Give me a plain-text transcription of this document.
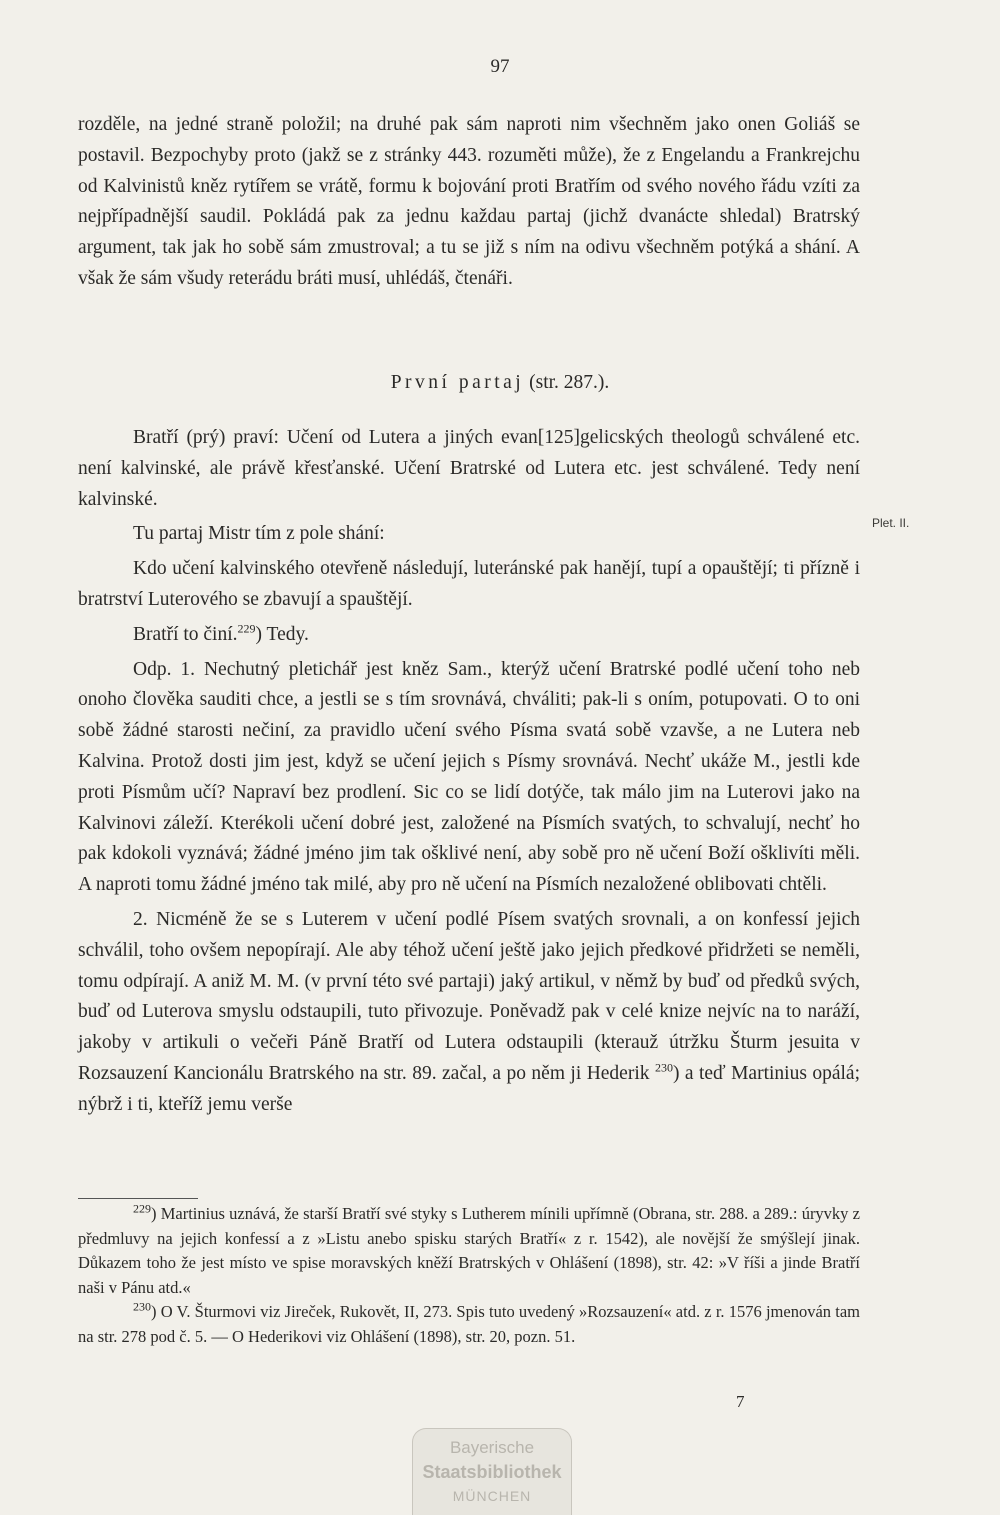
97

rozděle, na jedné straně položil; na druhé pak sám naproti nim všechněm jako onen Goliáš se postavil. Bezpochyby proto (jakž se z stránky 443. rozuměti může), že z Engelandu a Frankrejchu od Kalvinistů kněz rytířem se vrátě, formu k bojování proti Bratřím od svého nového řádu vzíti za nejpřípadnější saudil. Pokládá pak za jednu každau partaj (jichž dvanácte shledal) Bratrský argument, tak jak ho sobě sám zmustroval; a tu se již s ním na odivu všechněm potýká a shání. A však že sám všudy reterádu bráti musí, uhlédáš, čtenáři.

První partaj (str. 287.).

Bratří (prý) praví: Učení od Lutera a jiných evan[125]gelicských theologů schválené etc. není kalvinské, ale právě křesťanské. Učení Bratrské od Lutera etc. jest schválené. Tedy není kalvinské.

Tu partaj Mistr tím z pole shání:

Kdo učení kalvinského otevřeně následují, luteránské pak hanějí, tupí a opauštějí; ti přízně i bratrství Luterového se zbavují a spauštějí.

Bratří to činí.$^{229}$) Tedy.

Odp. 1. Nechutný pletichář jest kněz Sam., kterýž učení Bratrské podlé učení toho neb onoho člověka sauditi chce, a jestli se s tím srovnává, chváliti; pak-li s oním, potupovati. O to oni sobě žádné starosti nečiní, za pravidlo učení svého Písma svatá sobě vzavše, a ne Lutera neb Kalvina. Protož dosti jim jest, když se učení jejich s Písmy srovnává. Nechť ukáže M., jestli kde proti Písmům učí? Napraví bez prodlení. Sic co se lidí dotýče, tak málo jim na Luterovi jako na Kalvinovi záleží. Kterékoli učení dobré jest, založené na Písmích svatých, to schvalují, nechť ho pak kdokoli vyznává; žádné jméno jim tak ošklivé není, aby sobě pro ně učení Boží ošklivíti měli. A naproti tomu žádné jméno tak milé, aby pro ně učení na Písmích nezaložené oblibovati chtěli.

2. Nicméně že se s Luterem v učení podlé Písem svatých srovnali, a on konfessí jejich schválil, toho ovšem nepopírají. Ale aby téhož učení ještě jako jejich předkové přidržeti se neměli, tomu odpírají. A aniž M. M. (v první této své partaji) jaký artikul, v němž by buď od předků svých, buď od Luterova smyslu odstaupili, tuto přivozuje. Poněvadž pak v celé knize nejvíc na to naráží, jakoby v artikuli o večeři Páně Bratří od Lutera odstaupili (kterauž útržku Šturm jesuita v Rozsauzení Kancionálu Bratrského na str. 89. začal, a po něm ji Hederik $^{230}$) a teď Martinius opálá; nýbrž i ti, kteříž jemu verše

Plet. II.

$^{229}$) Martinius uznává, že starší Bratří své styky s Lutherem mínili upřímně (Obrana, str. 288. a 289.: úryvky z předmluvy na jejich konfessí a z »Listu anebo spisku starých Bratří« z r. 1542), ale novější že smýšlejí jinak. Důkazem toho že jest místo ve spise moravských kněží Bratrských v Ohlášení (1898), str. 42: »V říši a jinde Bratří naši v Pánu atd.«

$^{230}$) O V. Šturmovi viz Jireček, Rukovět, II, 273. Spis tuto uvedený »Rozsauzení« atd. z r. 1576 jmenován tam na str. 278 pod č. 5. — O Hederikovi viz Ohlášení (1898), str. 20, pozn. 51.

7
Bayerische
Staatsbibliothek
MÜNCHEN
